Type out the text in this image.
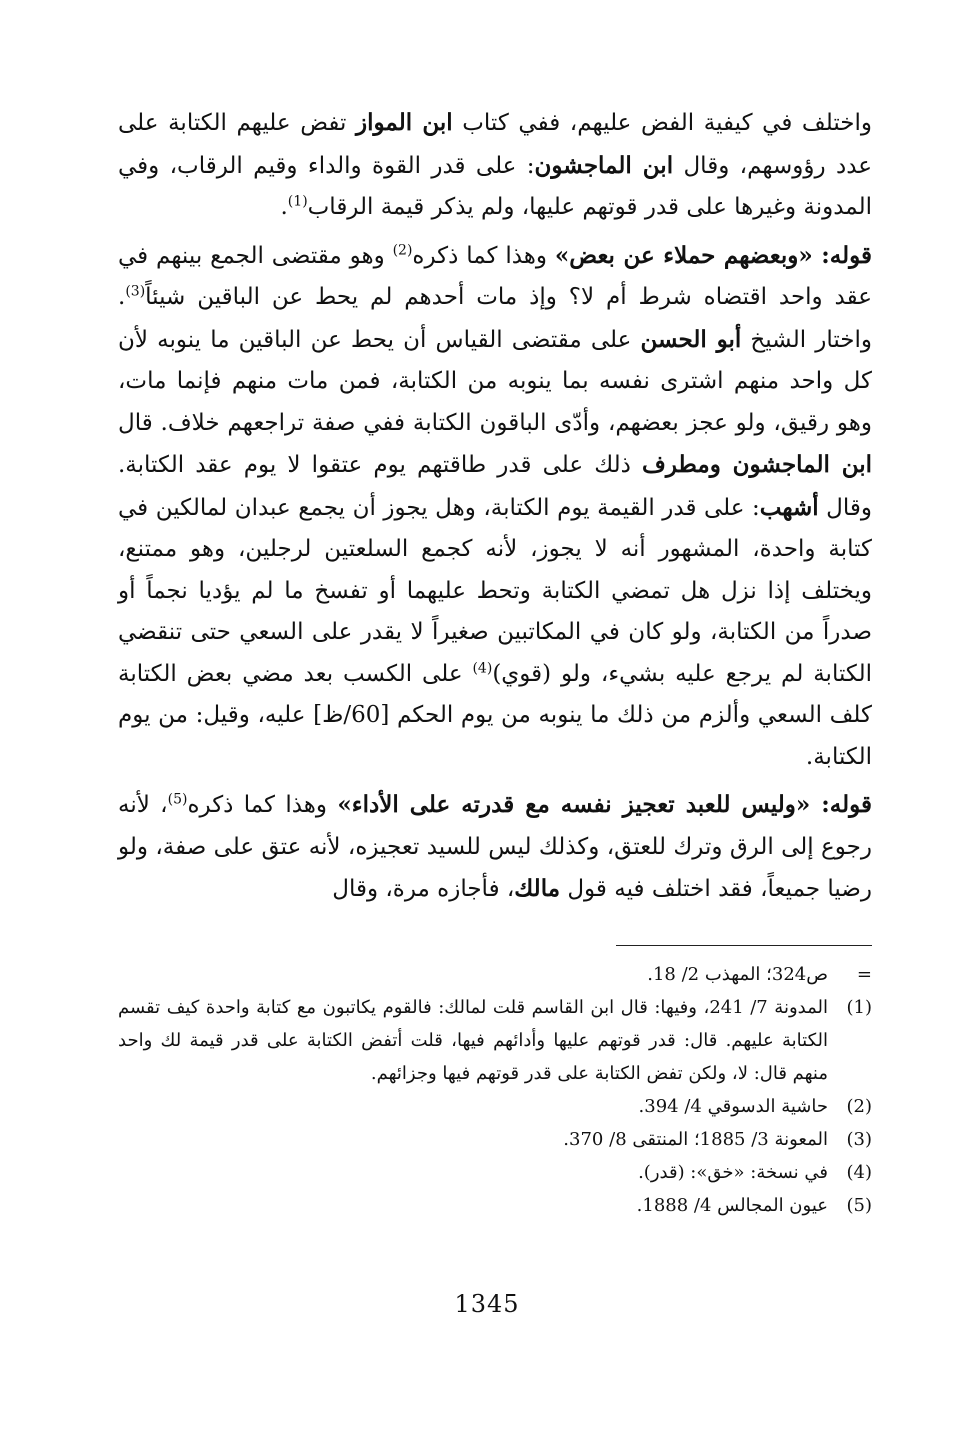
واختلف في كيفية الفض عليهم، ففي كتاب ابن المواز تفض عليهم الكتابة على عدد رؤوسهم، وقال ابن الماجشون: على قدر القوة والداء وقيم الرقاب، وفي المدونة وغيرها على قدر قوتهم عليها، ولم يذكر قيمة الرقاب$^{(1)}$.

قوله: «وبعضهم حملاء عن بعض» وهذا كما ذكره$^{(2)}$ وهو مقتضى الجمع بينهم في عقد واحد اقتضاه شرط أم لا؟ وإذ مات أحدهم لم يحط عن الباقين شيئاً$^{(3)}$. واختار الشيخ أبو الحسن على مقتضى القياس أن يحط عن الباقين ما ينوبه لأن كل واحد منهم اشترى نفسه بما ينوبه من الكتابة، فمن مات منهم فإنما مات، وهو رقيق، ولو عجز بعضهم، وأدّى الباقون الكتابة ففي صفة تراجعهم خلاف. قال ابن الماجشون ومطرف ذلك على قدر طاقتهم يوم عتقوا لا يوم عقد الكتابة. وقال أشهب: على قدر القيمة يوم الكتابة، وهل يجوز أن يجمع عبدان لمالكين في كتابة واحدة، المشهور أنه لا يجوز، لأنه كجمع السلعتين لرجلين، وهو ممتنع، ويختلف إذا نزل هل تمضي الكتابة وتحط عليهما أو تفسخ ما لم يؤديا نجماً أو صدراً من الكتابة، ولو كان في المكاتبين صغيراً لا يقدر على السعي حتى تنقضي الكتابة لم يرجع عليه بشيء، ولو (قوي)$^{(4)}$ على الكسب بعد مضي بعض الكتابة كلف السعي وألزم من ذلك ما ينوبه من يوم الحكم [60/ظ] عليه، وقيل: من يوم الكتابة.

قوله: «وليس للعبد تعجيز نفسه مع قدرته على الأداء» وهذا كما ذكره$^{(5)}$، لأنه رجوع إلى الرق وترك للعتق، وكذلك ليس للسيد تعجيزه، لأنه عتق على صفة، ولو رضيا جميعاً، فقد اختلف فيه قول مالك، فأجازه مرة، وقال

=
ص324؛ المهذب 2/ 18.
(1)
المدونة 7/ 241، وفيها: قال ابن القاسم قلت لمالك: فالقوم يكاتبون مع كتابة واحدة كيف تقسم الكتابة عليهم. قال: قدر قوتهم عليها وأدائهم فيها، قلت أتفض الكتابة على قدر قيمة لك واحد منهم قال: لا، ولكن تفض الكتابة على قدر قوتهم فيها وجزائهم.
(2)
حاشية الدسوقي 4/ 394.
(3)
المعونة 3/ 1885؛ المنتقى 8/ 370.
(4)
في نسخة: «خق»: (قدر).
(5)
عيون المجالس 4/ 1888.
1345
